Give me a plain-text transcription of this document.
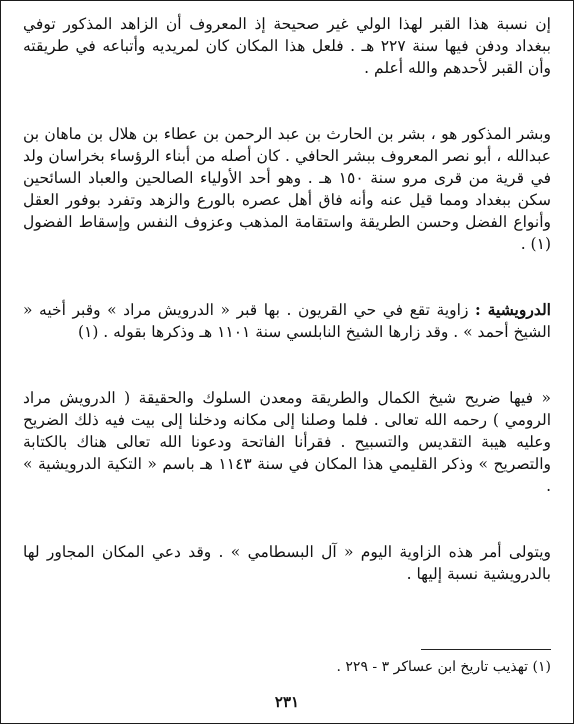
إن نسبة هذا القبر لهذا الولي غير صحيحة إذ المعروف أن الزاهد المذكور توفي ببغداد ودفن فيها سنة ٢٢٧ هـ . فلعل هذا المكان كان لمريديه وأتباعه في طريقته وأن القبر لأحدهم والله أعلم .

وبشر المذكور هو ، بشر بن الحارث بن عبد الرحمن بن عطاء بن هلال بن ماهان بن عبدالله ، أبو نصر المعروف ببشر الحافي . كان أصله من أبناء الرؤساء بخراسان ولد في قرية من قرى مرو سنة ١٥٠ هـ . وهو أحد الأولياء الصالحين والعباد السائحين سكن ببغداد ومما قيل عنه وأنه فاق أهل عصره بالورع والزهد وتفرد بوفور العقل وأنواع الفضل وحسن الطريقة واستقامة المذهب وعزوف النفس وإسقاط الفضول (١) .

الدرويشية : زاوية تقع في حي القريون . بها قبر « الدرويش مراد » وقبر أخيه « الشيخ أحمد » . وقد زارها الشيخ النابلسي سنة ١١٠١ هـ وذكرها بقوله . (١)

« فيها ضريح شيخ الكمال والطريقة ومعدن السلوك والحقيقة ( الدرويش مراد الرومي ) رحمه الله تعالى . فلما وصلنا إلى مكانه ودخلنا إلى بيت فيه ذلك الضريح وعليه هيبة التقديس والتسبيح . فقرأنا الفاتحة ودعونا الله تعالى هناك بالكتابة والتصريح » وذكر القليمي هذا المكان في سنة ١١٤٣ هـ باسم « التكية الدرويشية » .

ويتولى أمر هذه الزاوية اليوم « آل البسطامي » . وقد دعي المكان المجاور لها بالدرويشية نسبة إليها .

(١) تهذيب تاريخ ابن عساكر ٣ - ٢٢٩ .
٢٣١
